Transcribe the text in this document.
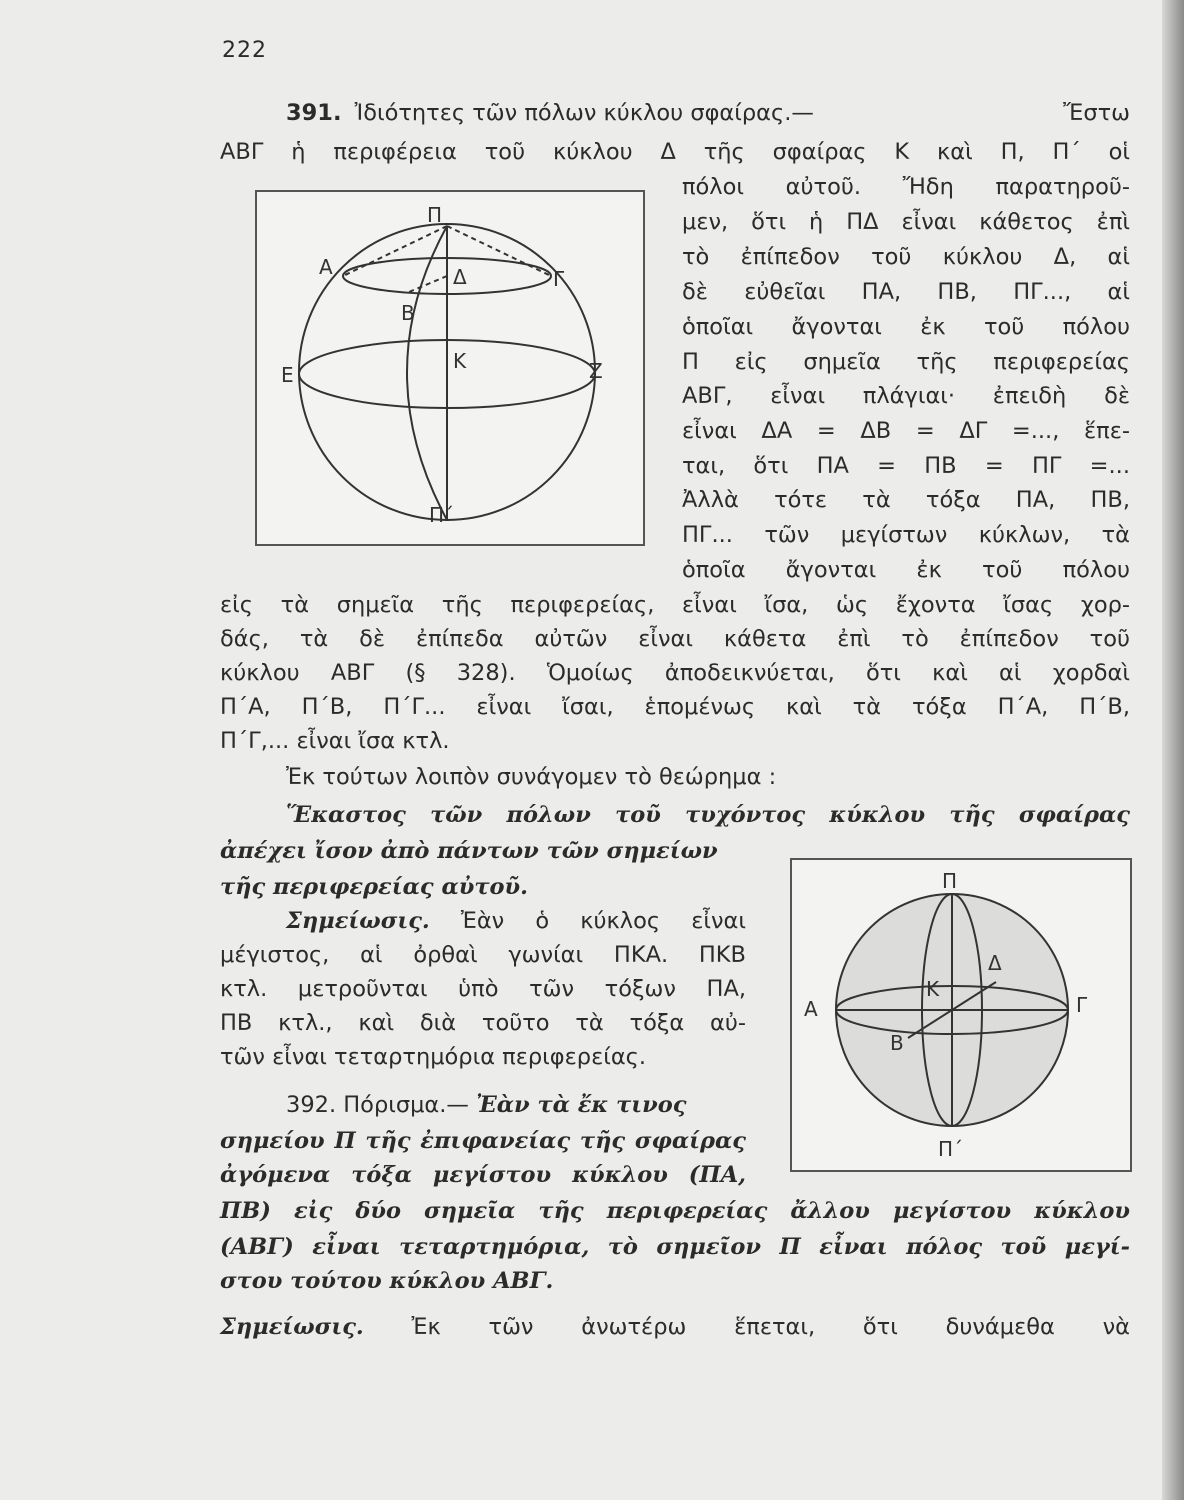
222
391. Ἰδιότητες τῶν πόλων κύκλου σφαίρας.—	Ἔστω
ΑΒΓ ἡ περιφέρεια τοῦ κύκλου Δ τῆς σφαίρας Κ καὶ Π, Π΄ οἱ
Π
Α	Δ	Γ
Β
Ε
Κ	Ζ
Π΄
πόλοι αὐτοῦ. Ἤδη παρατηροῦ-
μεν, ὅτι ἡ ΠΔ εἶναι κάθετος ἐπὶ
τὸ ἐπίπεδον τοῦ κύκλου Δ, αἱ
δὲ εὐθεῖαι ΠΑ, ΠΒ, ΠΓ..., αἱ
ὁποῖαι ἄγονται ἐκ τοῦ πόλου
Π εἰς σημεῖα τῆς περιφερείας
ΑΒΓ, εἶναι πλάγιαι· ἐπειδὴ δὲ
εἶναι ΔΑ = ΔΒ = ΔΓ =..., ἕπε-
ται, ὅτι ΠΑ = ΠΒ = ΠΓ =...
Ἀλλὰ τότε τὰ τόξα ΠΑ, ΠΒ,
ΠΓ... τῶν μεγίστων κύκλων, τὰ
ὁποῖα ἄγονται ἐκ τοῦ πόλου
εἰς τὰ σημεῖα τῆς περιφερείας, εἶναι ἴσα, ὡς ἔχοντα ἴσας χορ-
δάς, τὰ δὲ ἐπίπεδα αὐτῶν εἶναι κάθετα ἐπὶ τὸ ἐπίπεδον τοῦ
κύκλου ΑΒΓ (§ 328). Ὁμοίως ἀποδεικνύεται, ὅτι καὶ αἱ χορδαὶ
Π΄Α, Π΄Β, Π΄Γ... εἶναι ἴσαι, ἑπομένως καὶ τὰ τόξα Π΄Α, Π΄Β,
Π΄Γ,... εἶναι ἴσα κτλ.
Ἐκ τούτων λοιπὸν συνάγομεν τὸ θεώρημα :
Ἕκαστος τῶν πόλων τοῦ τυχόντος κύκλου τῆς σφαίρας
ἀπέχει ἴσον ἀπὸ πάντων τῶν σημείων
τῆς περιφερείας αὐτοῦ.	Π
Δ
Α
Κ
Γ
Β
Π΄
Σημείωσις. Ἐὰν ὁ κύκλος εἶναι
μέγιστος, αἱ ὀρθαὶ γωνίαι ΠΚΑ. ΠΚΒ
κτλ. μετροῦνται ὑπὸ τῶν τόξων ΠΑ,
ΠΒ κτλ., καὶ διὰ τοῦτο τὰ τόξα αὐ-
τῶν εἶναι τεταρτημόρια περιφερείας.
392. Πόρισμα.— Ἐὰν τὰ ἔκ τινος
σημείου Π τῆς ἐπιφανείας τῆς σφαίρας
ἀγόμενα τόξα μεγίστου κύκλου (ΠΑ,
ΠΒ) εἰς δύο σημεῖα τῆς περιφερείας ἄλλου μεγίστου κύκλου
(ΑΒΓ) εἶναι τεταρτημόρια, τὸ σημεῖον Π εἶναι πόλος τοῦ μεγί-
στου τούτου κύκλου ΑΒΓ.
Σημείωσις. Ἐκ τῶν ἀνωτέρω ἕπεται, ὅτι δυνάμεθα νὰ
